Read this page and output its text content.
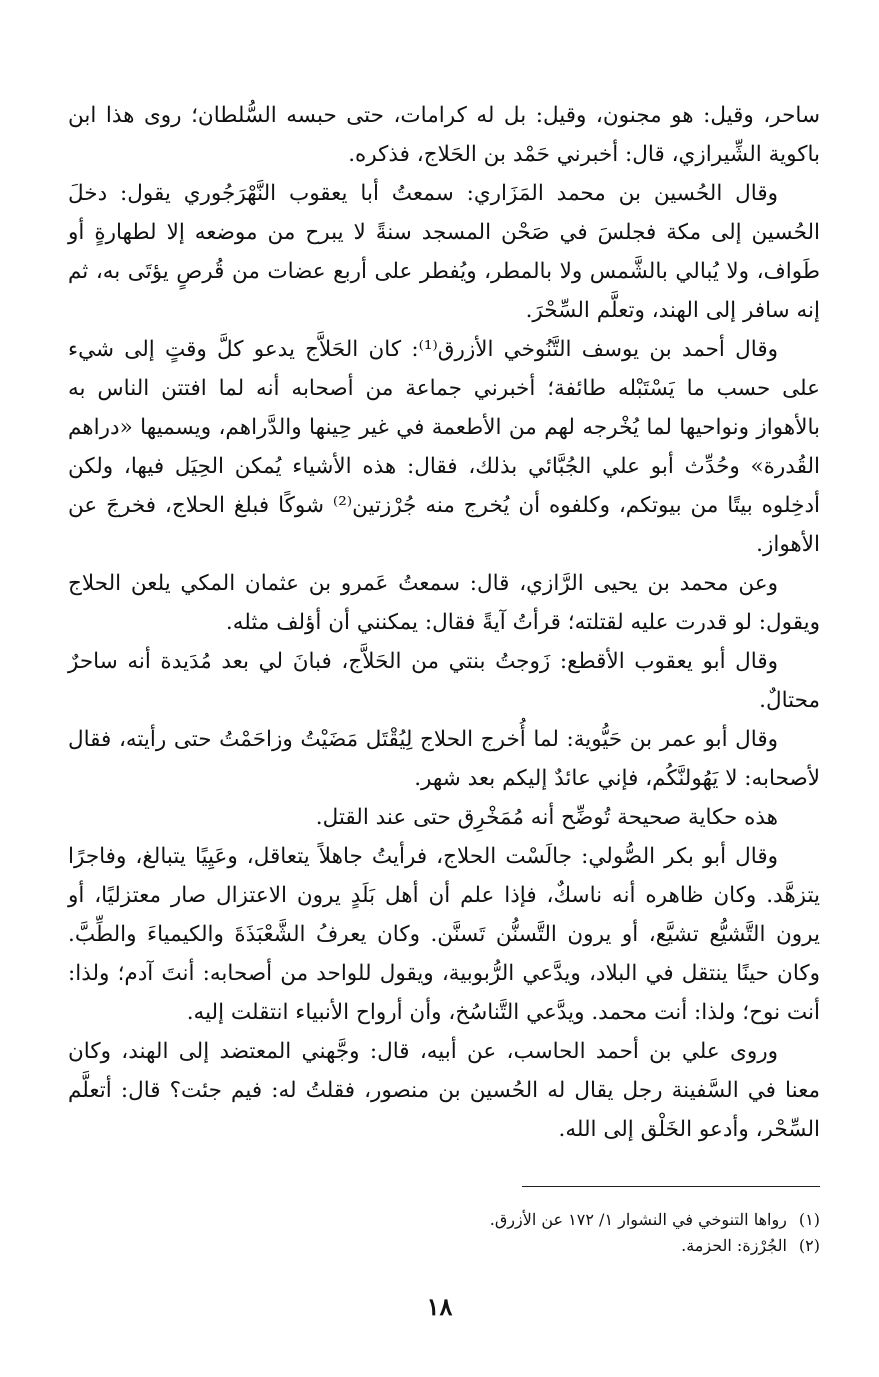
ساحر، وقيل: هو مجنون، وقيل: بل له كرامات، حتى حبسه السُّلطان؛ روى هذا ابن باكوية الشِّيرازي، قال: أخبرني حَمْد بن الحَلاج، فذكره.

وقال الحُسين بن محمد المَزَاري: سمعتُ أبا يعقوب النَّهْرَجُوري يقول: دخلَ الحُسين إلى مكة فجلسَ في صَحْن المسجد سنةً لا يبرح من موضعه إلا لطهارةٍ أو طَواف، ولا يُبالي بالشَّمس ولا بالمطر، ويُفطر على أربع عضات من قُرصٍ يؤتَى به، ثم إنه سافر إلى الهند، وتعلَّم السِّحْرَ.

وقال أحمد بن يوسف التَّنُوخي الأزرق⁽¹⁾: كان الحَلاَّج يدعو كلَّ وقتٍ إلى شيء على حسب ما يَسْتَبْله طائفة؛ أخبرني جماعة من أصحابه أنه لما افتتن الناس به بالأهواز ونواحيها لما يُخْرجه لهم من الأطعمة في غير حِينها والدَّراهم، ويسميها «دراهم القُدرة» وحُدِّث أبو علي الجُبَّائي بذلك، فقال: هذه الأشياء يُمكن الحِيَل فيها، ولكن أدخِلوه بيتًا من بيوتكم، وكلفوه أن يُخرج منه جُرْزتين⁽²⁾ شوكًا فبلغ الحلاج، فخرجَ عن الأهواز.

وعن محمد بن يحيى الرَّازي، قال: سمعتُ عَمرو بن عثمان المكي يلعن الحلاج ويقول: لو قدرت عليه لقتلته؛ قرأتُ آيةً فقال: يمكنني أن أؤلف مثله.

وقال أبو يعقوب الأقطع: زَوجتُ بنتي من الحَلاَّج، فبانَ لي بعد مُدَيدة أنه ساحرٌ محتالٌ.

وقال أبو عمر بن حَيُّوية: لما أُخرج الحلاج لِيُقْتَل مَضَيْتُ وزاحَمْتُ حتى رأيته، فقال لأصحابه: لا يَهُولنَّكُم، فإني عائدٌ إليكم بعد شهر.

هذه حكاية صحيحة تُوضِّح أنه مُمَخْرِق حتى عند القتل.

وقال أبو بكر الصُّولي: جالَسْت الحلاج، فرأيتُ جاهلاً يتعاقل، وعَيِيًا يتبالغ، وفاجرًا يتزهَّد. وكان ظاهره أنه ناسكٌ، فإذا علم أن أهل بَلَدٍ يرون الاعتزال صار معتزليًا، أو يرون التَّشيُّع تشيَّع، أو يرون التَّسنُّن تَسنَّن. وكان يعرفُ الشَّعْبَذَةَ والكيمياءَ والطِّبَّ. وكان حينًا ينتقل في البلاد، ويدَّعي الرُّبوبية، ويقول للواحد من أصحابه: أنتَ آدم؛ ولذا: أنت نوح؛ ولذا: أنت محمد. ويدَّعي التَّناسُخ، وأن أرواح الأنبياء انتقلت إليه.

وروى علي بن أحمد الحاسب، عن أبيه، قال: وجَّهني المعتضد إلى الهند، وكان معنا في السَّفينة رجل يقال له الحُسين بن منصور، فقلتُ له: فيم جئت؟ قال: أتعلَّم السِّحْر، وأدعو الخَلْق إلى الله.

(١) رواها التنوخي في النشوار ١/ ١٧٢ عن الأزرق.

(٢) الجُرْزة: الحزمة.

١٨
